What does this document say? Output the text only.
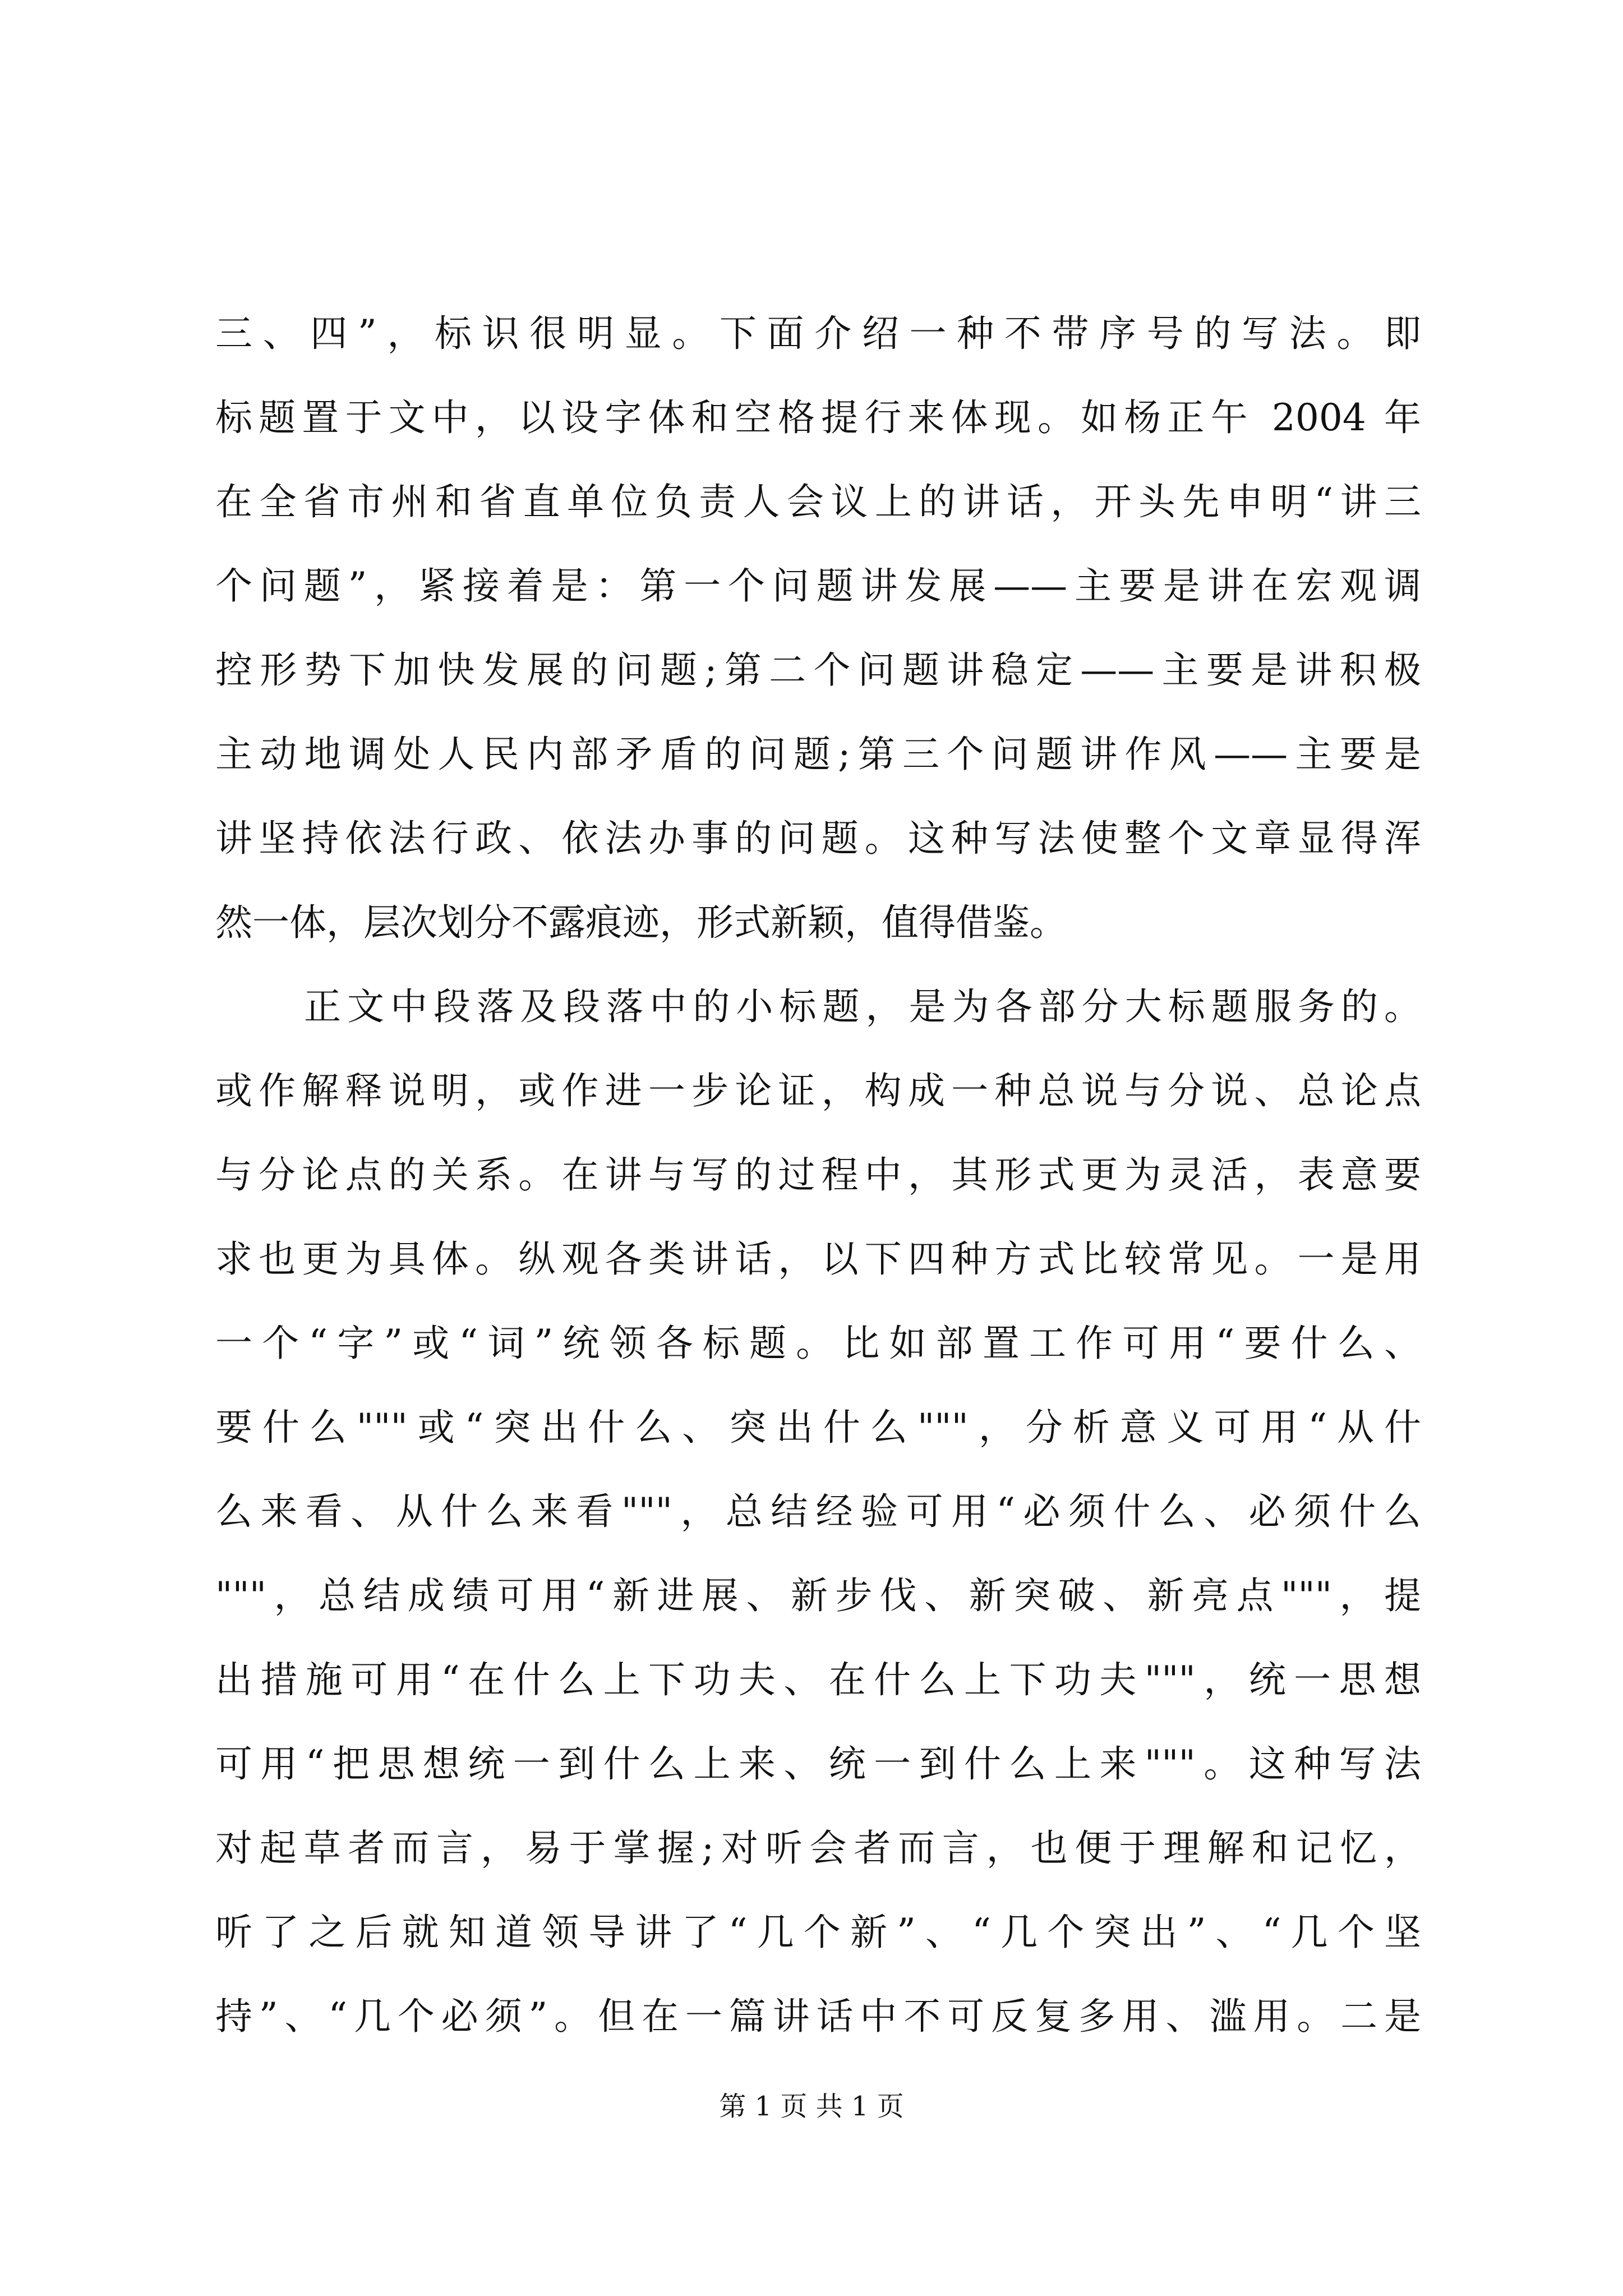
三、四”，标识很明显。下面介绍一种不带序号的写法。即
标题置于文中，以设字体和空格提行来体现。如杨正午 2004 年
在全省市州和省直单位负责人会议上的讲话，开头先申明“讲三
个问题”，紧接着是：第一个问题讲发展——主要是讲在宏观调
控形势下加快发展的问题;第二个问题讲稳定——主要是讲积极
主动地调处人民内部矛盾的问题;第三个问题讲作风——主要是
讲坚持依法行政、依法办事的问题。这种写法使整个文章显得浑
然一体，层次划分不露痕迹，形式新颖，值得借鉴。
正文中段落及段落中的小标题，是为各部分大标题服务的。
或作解释说明，或作进一步论证，构成一种总说与分说、总论点
与分论点的关系。在讲与写的过程中，其形式更为灵活，表意要
求也更为具体。纵观各类讲话，以下四种方式比较常见。一是用
一个“字”或“词”统领各标题。比如部置工作可用“要什么、
要什么"""或“突出什么、突出什么"""，分析意义可用“从什
么来看、从什么来看"""，总结经验可用“必须什么、必须什么
"""，总结成绩可用“新进展、新步伐、新突破、新亮点"""，提
出措施可用“在什么上下功夫、在什么上下功夫"""，统一思想
可用“把思想统一到什么上来、统一到什么上来"""。这种写法
对起草者而言，易于掌握;对听会者而言，也便于理解和记忆，
听了之后就知道领导讲了“几个新”、“几个突出”、“几个坚
持”、“几个必须”。但在一篇讲话中不可反复多用、滥用。二是
第 1 页 共 1 页
